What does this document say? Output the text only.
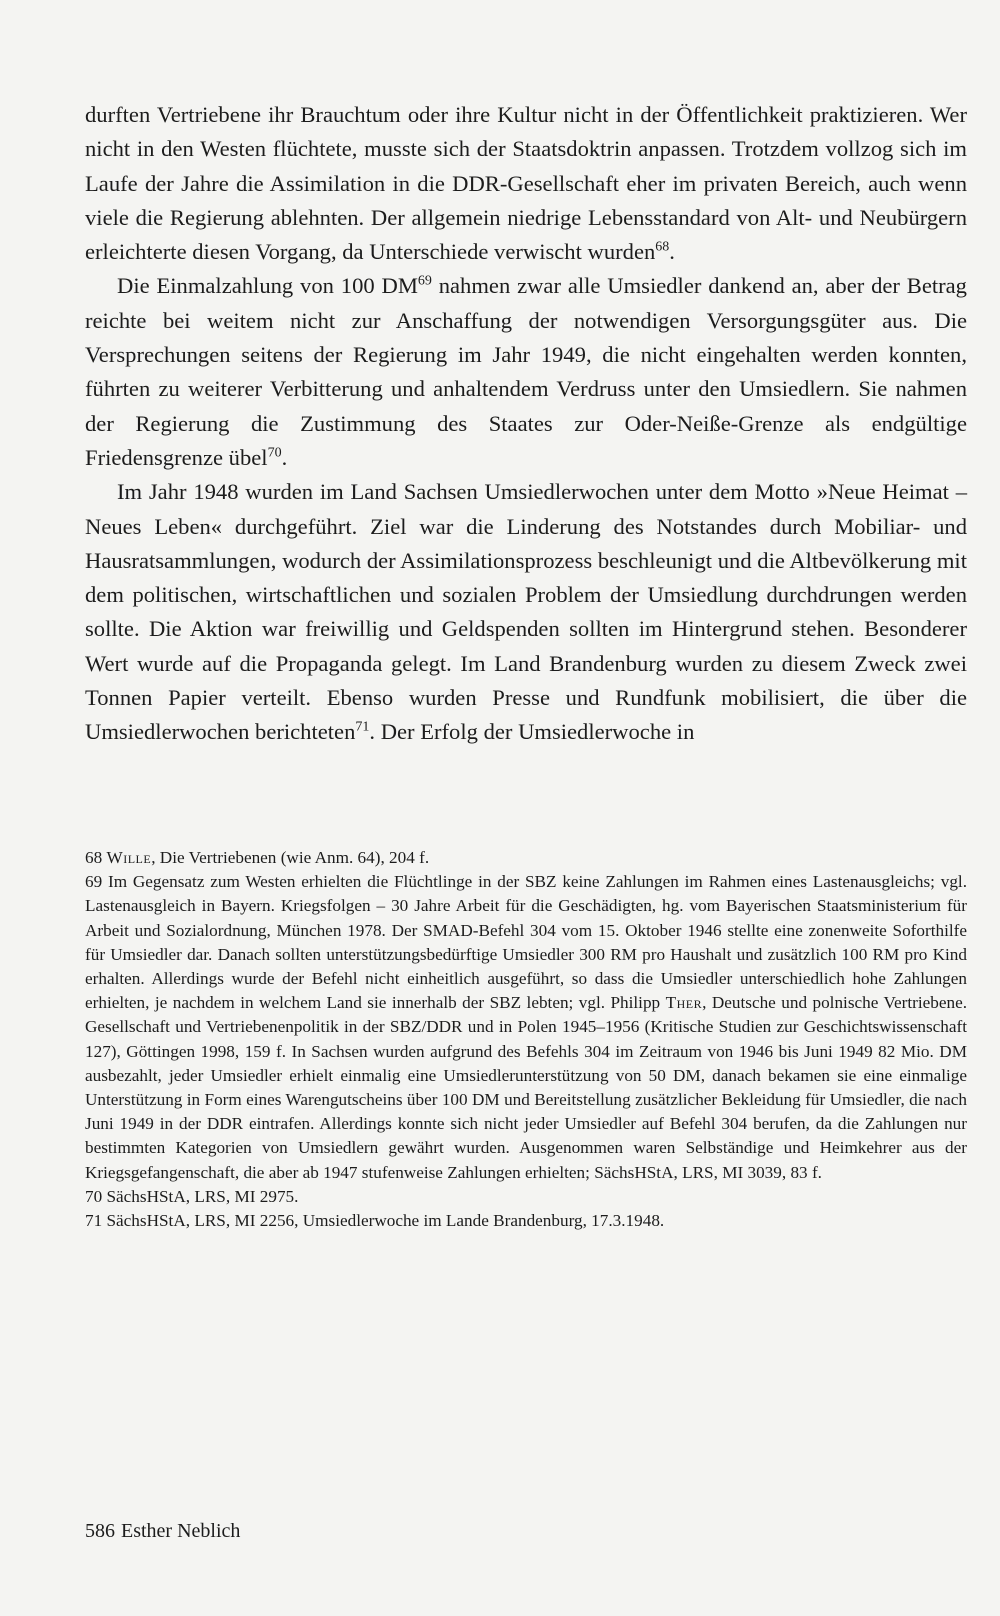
durften Vertriebene ihr Brauchtum oder ihre Kultur nicht in der Öffentlichkeit praktizieren. Wer nicht in den Westen flüchtete, musste sich der Staatsdoktrin anpassen. Trotzdem vollzog sich im Laufe der Jahre die Assimilation in die DDR-Gesellschaft eher im privaten Bereich, auch wenn viele die Regierung ablehnten. Der allgemein niedrige Lebensstandard von Alt- und Neubürgern erleichterte diesen Vorgang, da Unterschiede verwischt wurden$^{68}$.

Die Einmalzahlung von 100 DM$^{69}$ nahmen zwar alle Umsiedler dankend an, aber der Betrag reichte bei weitem nicht zur Anschaffung der notwendigen Versorgungsgüter aus. Die Versprechungen seitens der Regierung im Jahr 1949, die nicht eingehalten werden konnten, führten zu weiterer Verbitterung und anhaltendem Verdruss unter den Umsiedlern. Sie nahmen der Regierung die Zustimmung des Staates zur Oder-Neiße-Grenze als endgültige Friedensgrenze übel$^{70}$.

Im Jahr 1948 wurden im Land Sachsen Umsiedlerwochen unter dem Motto »Neue Heimat – Neues Leben« durchgeführt. Ziel war die Linderung des Notstandes durch Mobiliar- und Hausratsammlungen, wodurch der Assimilationsprozess beschleunigt und die Altbevölkerung mit dem politischen, wirtschaftlichen und sozialen Problem der Umsiedlung durchdrungen werden sollte. Die Aktion war freiwillig und Geldspenden sollten im Hintergrund stehen. Besonderer Wert wurde auf die Propaganda gelegt. Im Land Brandenburg wurden zu diesem Zweck zwei Tonnen Papier verteilt. Ebenso wurden Presse und Rundfunk mobilisiert, die über die Umsiedlerwochen berichteten$^{71}$. Der Erfolg der Umsiedlerwoche in

68 Wille, Die Vertriebenen (wie Anm. 64), 204 f.

69 Im Gegensatz zum Westen erhielten die Flüchtlinge in der SBZ keine Zahlungen im Rahmen eines Lastenausgleichs; vgl. Lastenausgleich in Bayern. Kriegsfolgen – 30 Jahre Arbeit für die Geschädigten, hg. vom Bayerischen Staatsministerium für Arbeit und Sozialordnung, München 1978. Der SMAD-Befehl 304 vom 15. Oktober 1946 stellte eine zonenweite Soforthilfe für Umsiedler dar. Danach sollten unterstützungsbedürftige Umsiedler 300 RM pro Haushalt und zusätzlich 100 RM pro Kind erhalten. Allerdings wurde der Befehl nicht einheitlich ausgeführt, so dass die Umsiedler unterschiedlich hohe Zahlungen erhielten, je nachdem in welchem Land sie innerhalb der SBZ lebten; vgl. Philipp Ther, Deutsche und polnische Vertriebene. Gesellschaft und Vertriebenenpolitik in der SBZ/DDR und in Polen 1945–1956 (Kritische Studien zur Geschichtswissenschaft 127), Göttingen 1998, 159 f. In Sachsen wurden aufgrund des Befehls 304 im Zeitraum von 1946 bis Juni 1949 82 Mio. DM ausbezahlt, jeder Umsiedler erhielt einmalig eine Umsiedlerunterstützung von 50 DM, danach bekamen sie eine einmalige Unterstützung in Form eines Warengutscheins über 100 DM und Bereitstellung zusätzlicher Bekleidung für Umsiedler, die nach Juni 1949 in der DDR eintrafen. Allerdings konnte sich nicht jeder Umsiedler auf Befehl 304 berufen, da die Zahlungen nur bestimmten Kategorien von Umsiedlern gewährt wurden. Ausgenommen waren Selbständige und Heimkehrer aus der Kriegsgefangenschaft, die aber ab 1947 stufenweise Zahlungen erhielten; SächsHStA, LRS, MI 3039, 83 f.

70 SächsHStA, LRS, MI 2975.

71 SächsHStA, LRS, MI 2256, Umsiedlerwoche im Lande Brandenburg, 17.3.1948.

586 Esther Neblich
